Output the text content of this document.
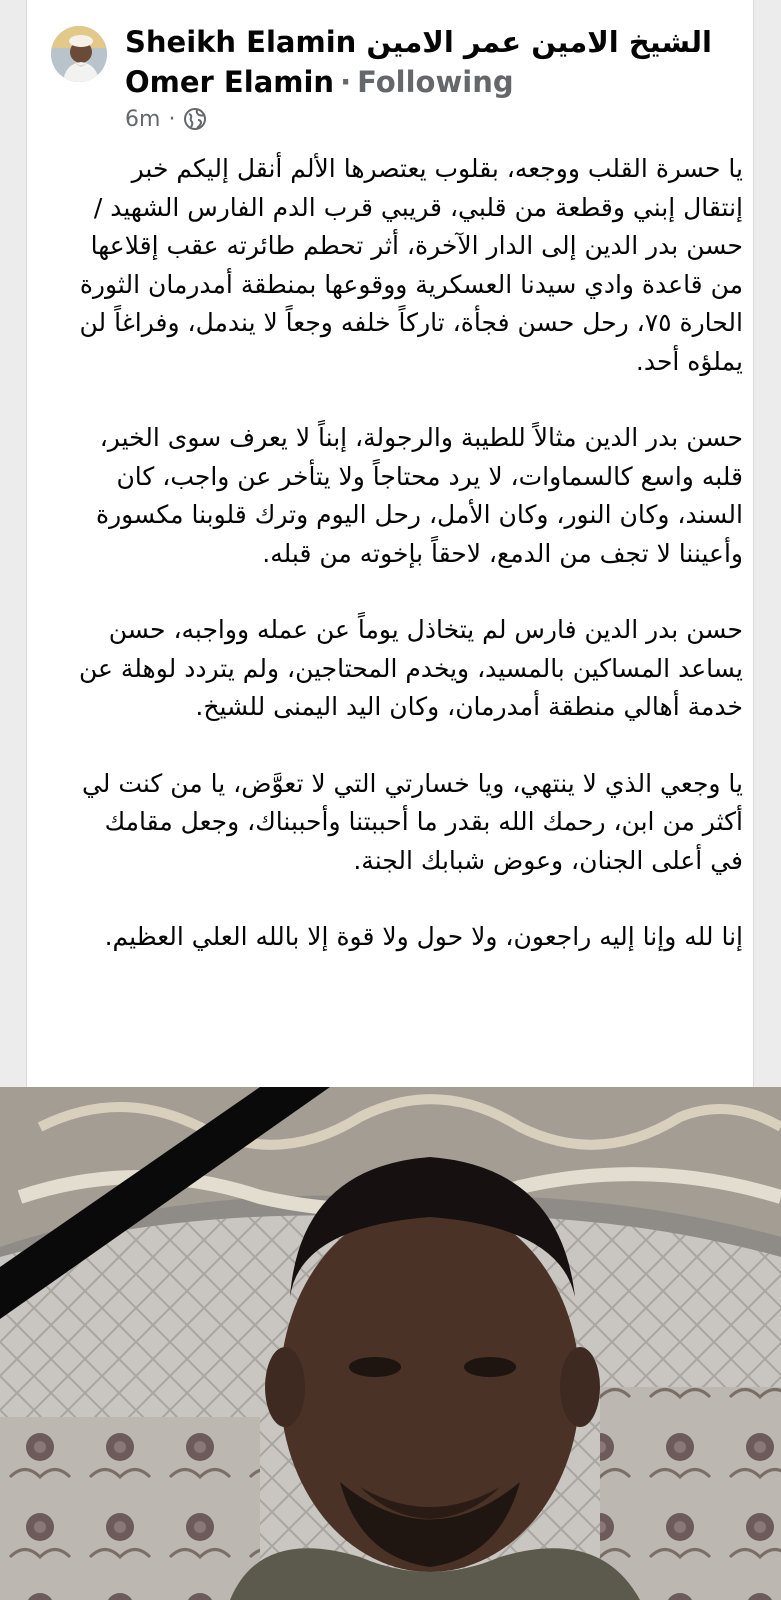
Sheikh Elamin الشيخ الامين عمر الامين
Omer Elamin · Following
6m ·

يا حسرة القلب ووجعه، بقلوب يعتصرها الألم أنقل إليكم خبر إنتقال إبني وقطعة من قلبي، قريبي قرب الدم الفارس الشهيد / حسن بدر الدين إلى الدار الآخرة، أثر تحطم طائرته عقب إقلاعها من قاعدة وادي سيدنا العسكرية ووقوعها بمنطقة أمدرمان الثورة الحارة ٧٥، رحل حسن فجأة، تاركاً خلفه وجعاً لا يندمل، وفراغاً لن يملؤه أحد.

حسن بدر الدين مثالاً للطيبة والرجولة، إبناً لا يعرف سوى الخير، قلبه واسع كالسماوات، لا يرد محتاجاً ولا يتأخر عن واجب، كان السند، وكان النور، وكان الأمل، رحل اليوم وترك قلوبنا مكسورة وأعيننا لا تجف من الدمع، لاحقاً بإخوته من قبله.

حسن بدر الدين فارس لم يتخاذل يوماً عن عمله وواجبه، حسن يساعد المساكين بالمسيد، ويخدم المحتاجين، ولم يتردد لوهلة عن خدمة أهالي منطقة أمدرمان، وكان اليد اليمنى للشيخ.

يا وجعي الذي لا ينتهي، ويا خسارتي التي لا تعوَّض، يا من كنت لي أكثر من ابن، رحمك الله بقدر ما أحببتنا وأحببناك، وجعل مقامك في أعلى الجنان، وعوض شبابك الجنة.

إنا لله وإنا إليه راجعون، ولا حول ولا قوة إلا بالله العلي العظيم.
